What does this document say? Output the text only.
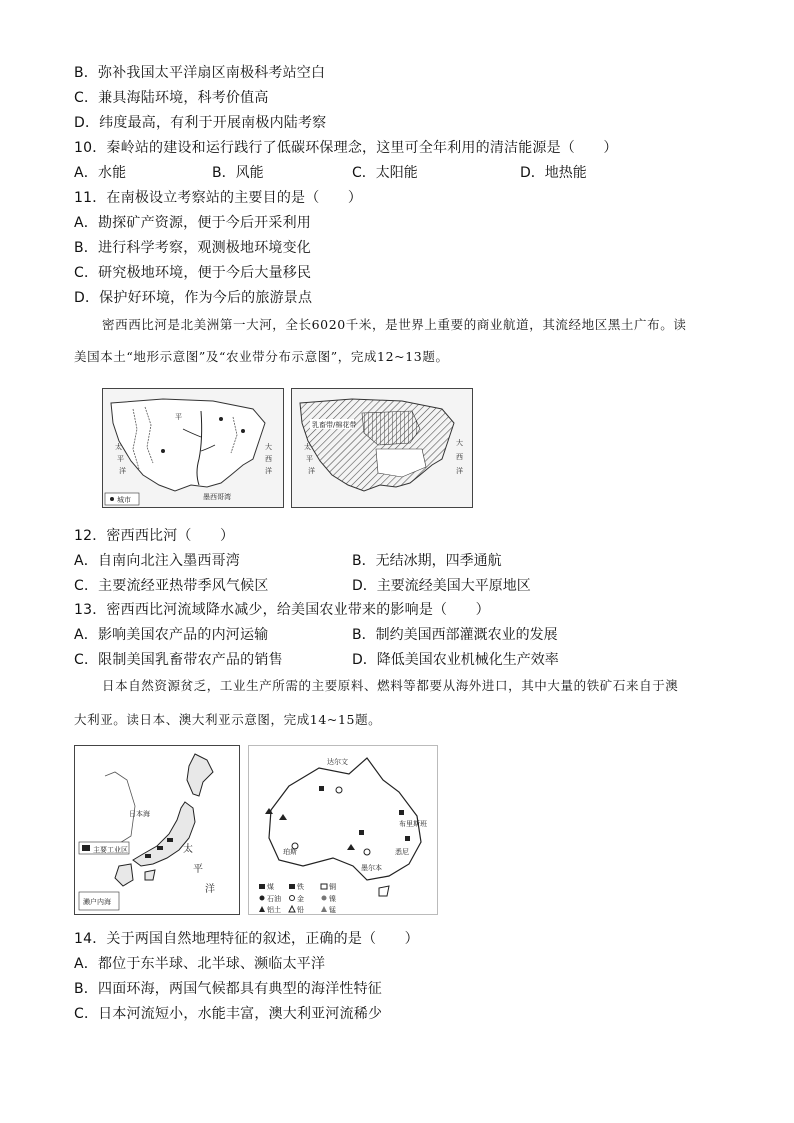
B．弥补我国太平洋扇区南极科考站空白
C．兼具海陆环境，科考价值高
D．纬度最高，有利于开展南极内陆考察
10．秦岭站的建设和运行践行了低碳环保理念，这里可全年利用的清洁能源是（　　）
A．水能	B．风能	C．太阳能	D．地热能
11．在南极设立考察站的主要目的是（　　）
A．勘探矿产资源，便于今后开采利用
B．进行科学考察，观测极地环境变化
C．研究极地环境，便于今后大量移民
D．保护好环境，作为今后的旅游景点
密西西比河是北美洲第一大河，全长6020千米，是世界上重要的商业航道，其流经地区黑土广布。读
美国本土“地形示意图”及“农业带分布示意图”，完成12~13题。
平
太
平
洋
大
西
洋
墨西哥湾
城市
乳畜带/棉花带
太
平
洋
大
西
洋
12．密西西比河（　　）
A．自南向北注入墨西哥湾	B．无结冰期，四季通航
C．主要流经亚热带季风气候区	D．主要流经美国大平原地区
13．密西西比河流域降水减少，给美国农业带来的影响是（　　）
A．影响美国农产品的内河运输	B．制约美国西部灌溉农业的发展
C．限制美国乳畜带农产品的销售	D．降低美国农业机械化生产效率
日本自然资源贫乏，工业生产所需的主要原料、燃料等都要从海外进口，其中大量的铁矿石来自于澳
大利亚。读日本、澳大利亚示意图，完成14~15题。
太
平
洋
日本海
主要工业区
濑户内海
达尔文
珀斯	悉尼
墨尔本
布里斯班
煤	铁	铜
石油 金	镍
铝土 铅	锰
14．关于两国自然地理特征的叙述，正确的是（　　）
A．都位于东半球、北半球、濒临太平洋
B．四面环海，两国气候都具有典型的海洋性特征
C．日本河流短小，水能丰富，澳大利亚河流稀少
